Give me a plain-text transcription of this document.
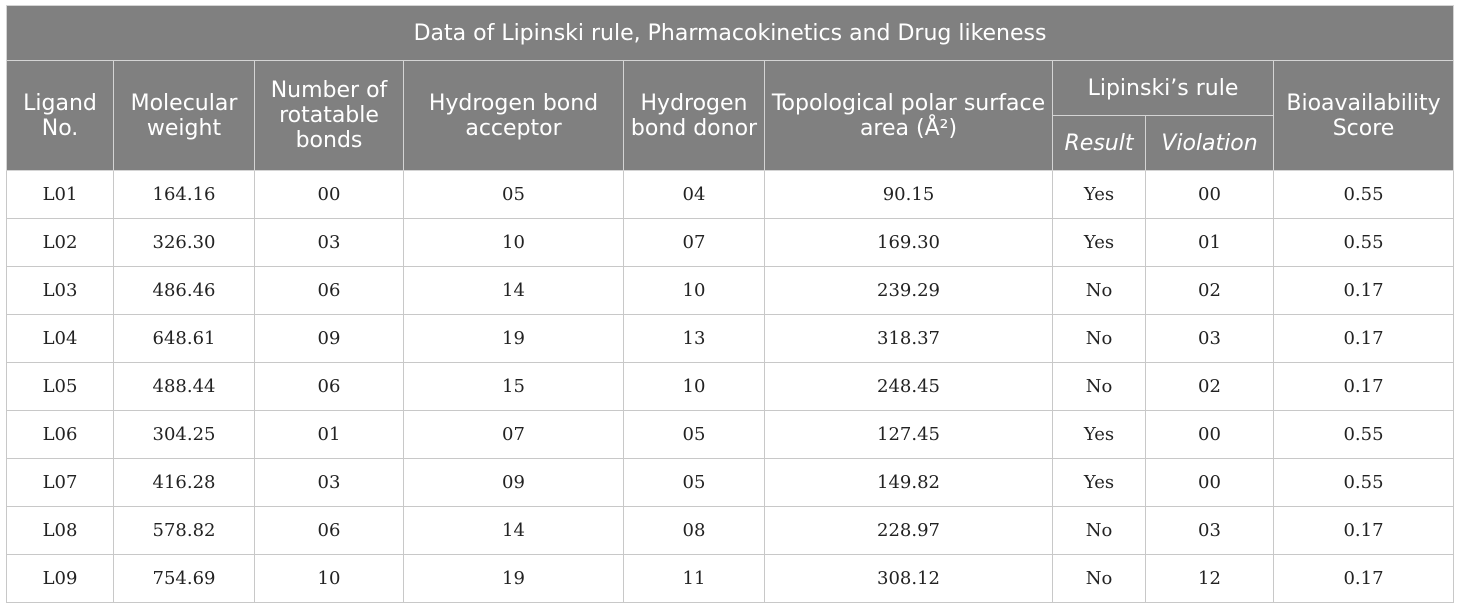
Data of Lipinski rule, Pharmacokinetics and Drug likeness								
Ligand No.	Molecular weight	Number of rotatable bonds	Hydrogen bond acceptor	Hydrogen bond donor	Topological polar surface area (Å²)	Lipinski’s rule		Bioavailability Score
						Result	Violation	
L01	164.16	00	05	04	90.15	Yes	00	0.55
L02	326.30	03	10	07	169.30	Yes	01	0.55
L03	486.46	06	14	10	239.29	No	02	0.17
L04	648.61	09	19	13	318.37	No	03	0.17
L05	488.44	06	15	10	248.45	No	02	0.17
L06	304.25	01	07	05	127.45	Yes	00	0.55
L07	416.28	03	09	05	149.82	Yes	00	0.55
L08	578.82	06	14	08	228.97	No	03	0.17
L09	754.69	10	19	11	308.12	No	12	0.17
